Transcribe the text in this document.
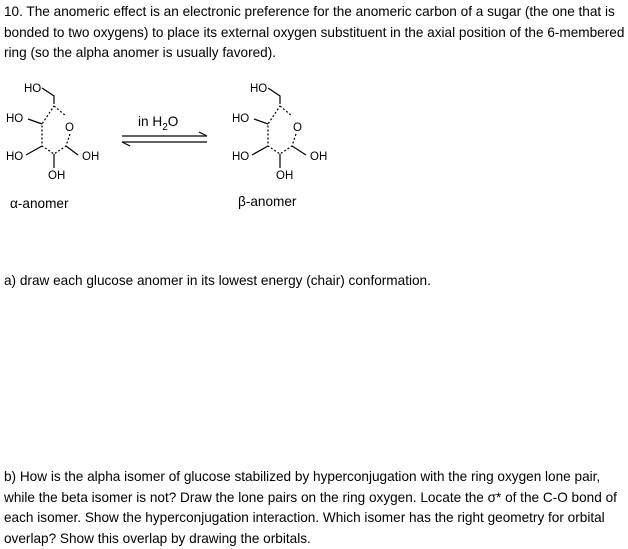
10. The anomeric effect is an electronic preference for the anomeric carbon of a sugar (the one that is bonded to two oxygens) to place its external oxygen substituent in the axial position of the 6-membered ring (so the alpha anomer is usually favored).

HO
HO
O
HO	OH
OH
α-anomer
in $H_2O$
HO
HO
O
HO	OH
OH
β-anomer

a) draw each glucose anomer in its lowest energy (chair) conformation.

b) How is the alpha isomer of glucose stabilized by hyperconjugation with the ring oxygen lone pair, while the beta isomer is not? Draw the lone pairs on the ring oxygen. Locate the σ* of the C-O bond of each isomer. Show the hyperconjugation interaction. Which isomer has the right geometry for orbital overlap? Show this overlap by drawing the orbitals.
